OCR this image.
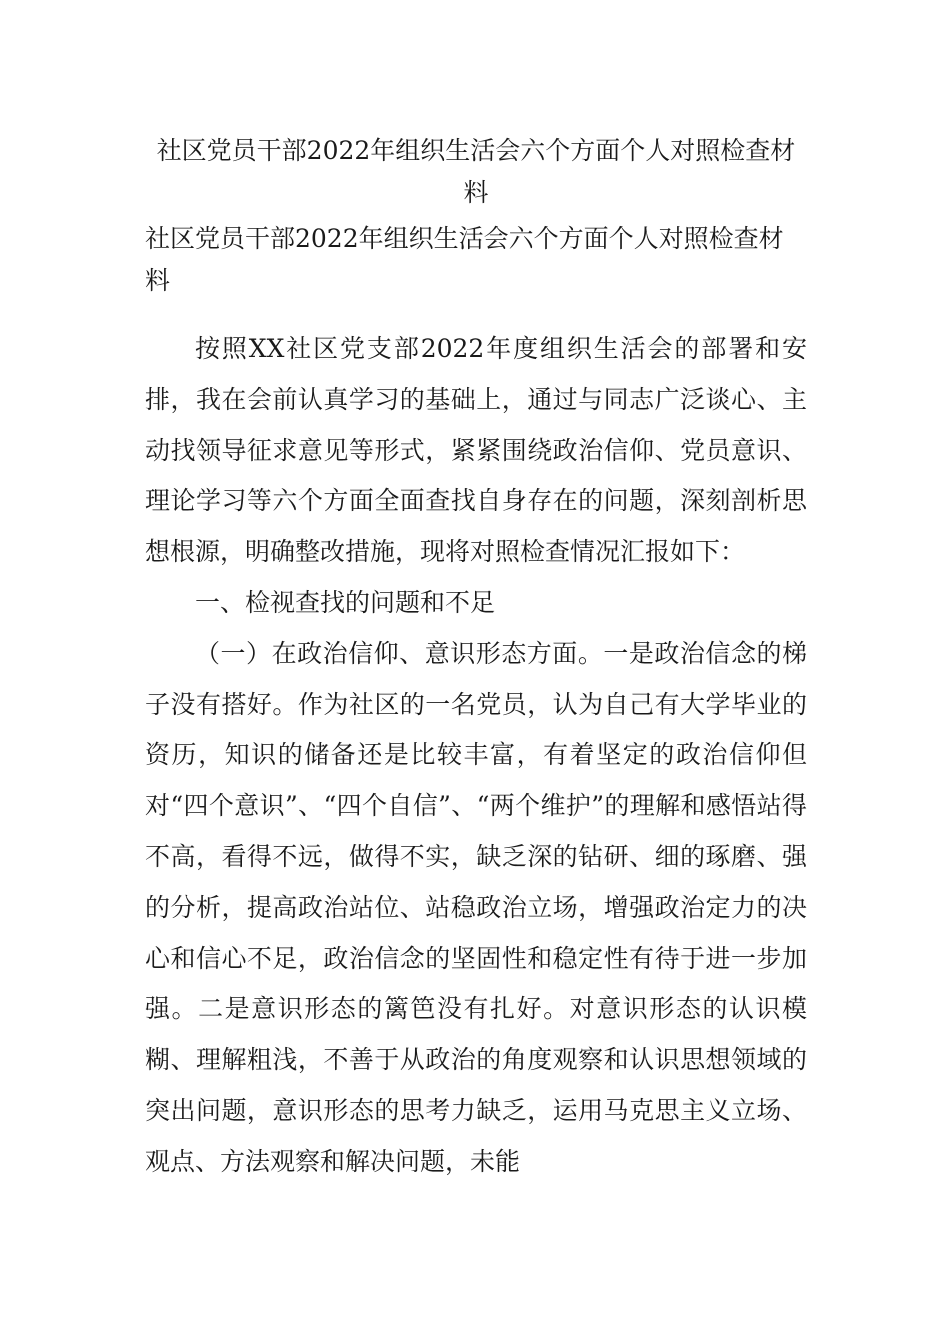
社区党员干部2022年组织生活会六个方面个人对照检查材料
社区党员干部2022年组织生活会六个方面个人对照检查材料

按照XX社区党支部2022年度组织生活会的部署和安排，我在会前认真学习的基础上，通过与同志广泛谈心、主动找领导征求意见等形式，紧紧围绕政治信仰、党员意识、理论学习等六个方面全面查找自身存在的问题，深刻剖析思想根源，明确整改措施，现将对照检查情况汇报如下：

一、检视查找的问题和不足

（一）在政治信仰、意识形态方面。一是政治信念的梯子没有搭好。作为社区的一名党员，认为自己有大学毕业的资历，知识的储备还是比较丰富，有着坚定的政治信仰但对“四个意识”、“四个自信”、“两个维护”的理解和感悟站得不高，看得不远，做得不实，缺乏深的钻研、细的琢磨、强的分析，提高政治站位、站稳政治立场，增强政治定力的决心和信心不足，政治信念的坚固性和稳定性有待于进一步加强。二是意识形态的篱笆没有扎好。对意识形态的认识模糊、理解粗浅，不善于从政治的角度观察和认识思想领域的突出问题，意识形态的思考力缺乏，运用马克思主义立场、观点、方法观察和解决问题，未能
